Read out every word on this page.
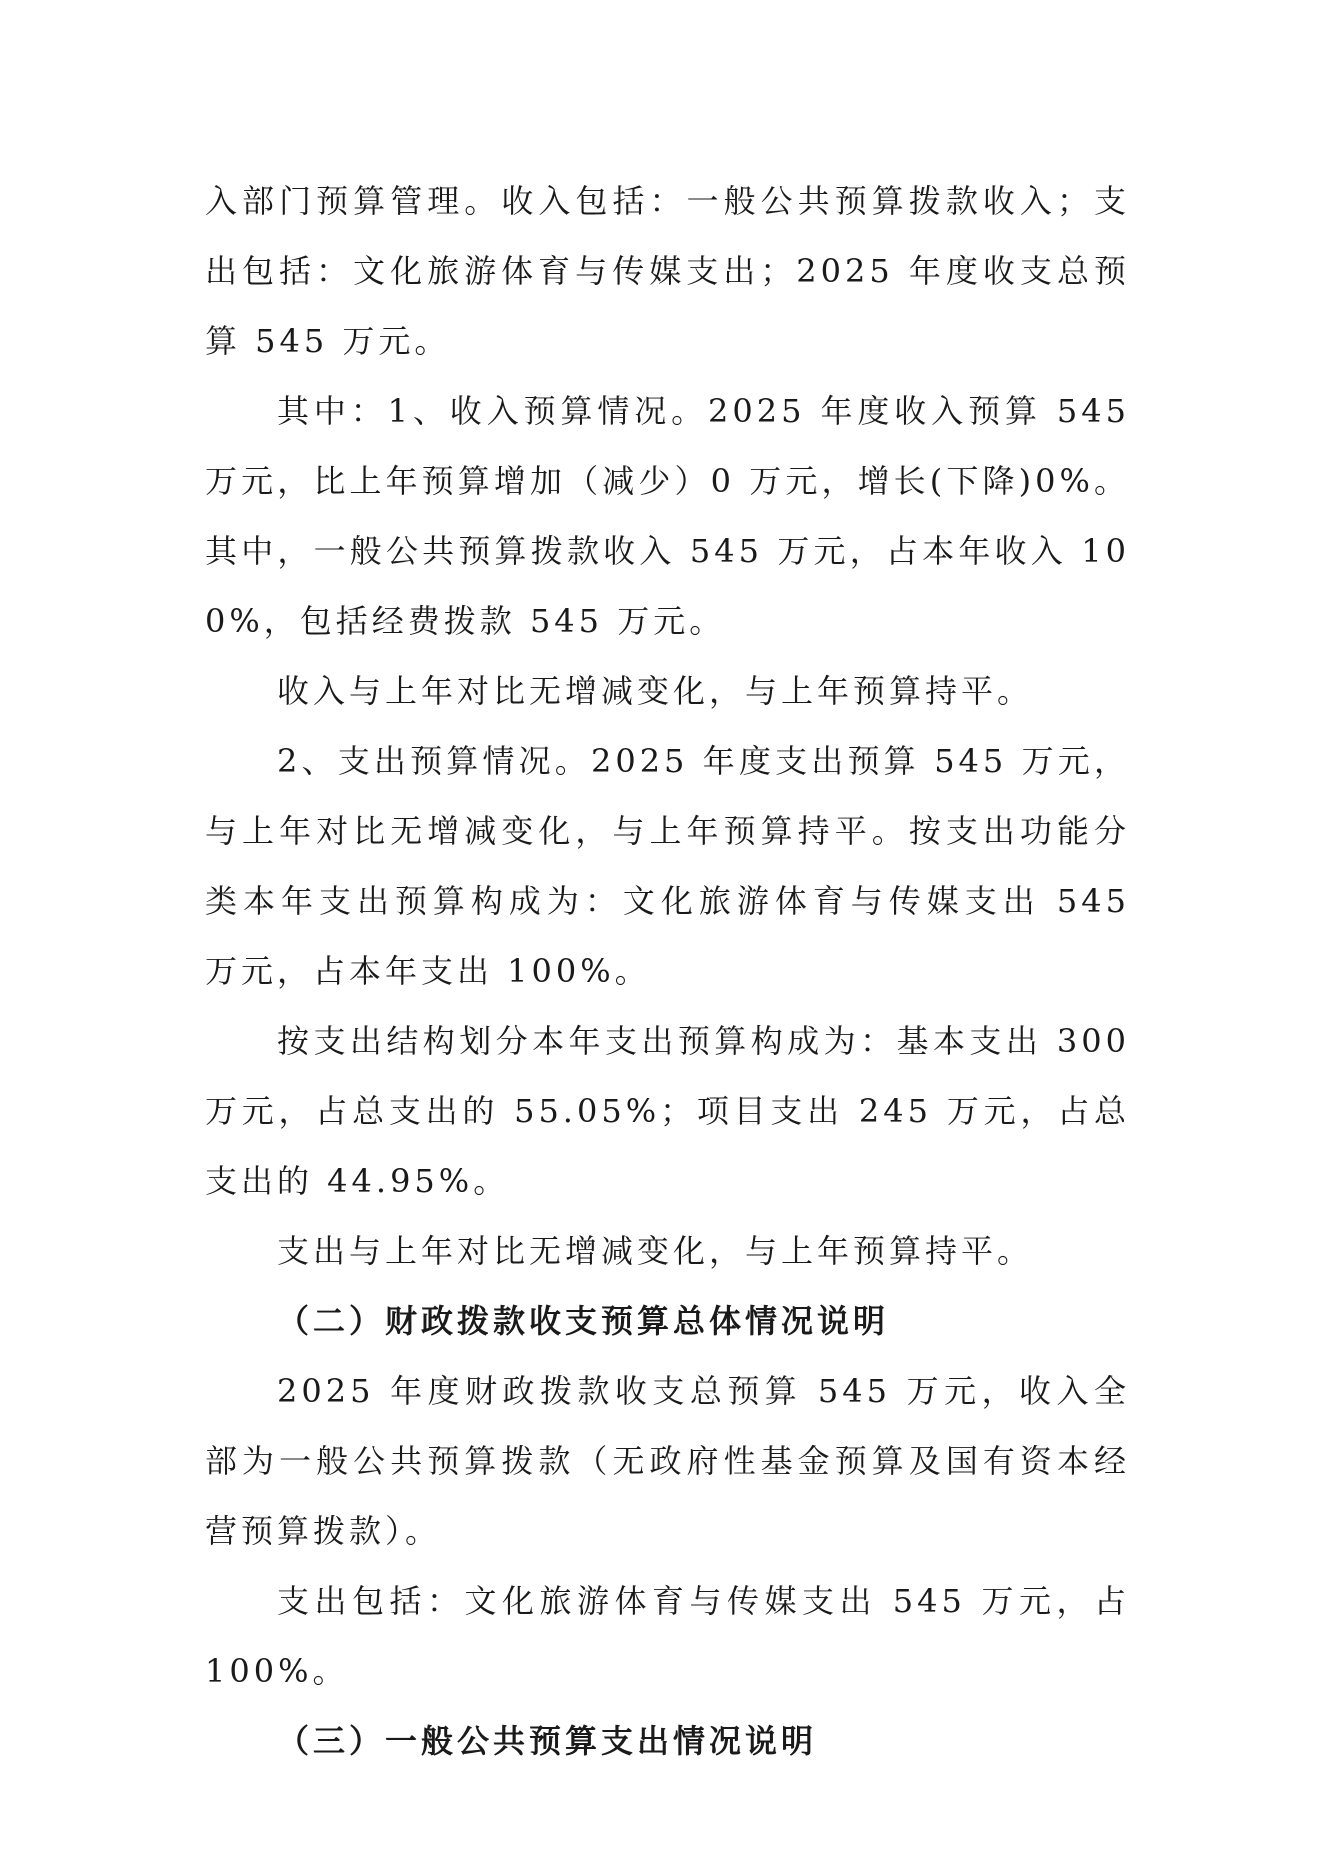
入部门预算管理。收入包括：一般公共预算拨款收入；支出包括：文化旅游体育与传媒支出；2025 年度收支总预算 545 万元。

其中：1、收入预算情况。2025 年度收入预算 545 万元，比上年预算增加（减少）0 万元，增长(下降)0%。其中，一般公共预算拨款收入 545 万元，占本年收入 100%，包括经费拨款 545 万元。

收入与上年对比无增减变化，与上年预算持平。

2、支出预算情况。2025 年度支出预算 545 万元，与上年对比无增减变化，与上年预算持平。按支出功能分类本年支出预算构成为：文化旅游体育与传媒支出 545 万元，占本年支出 100%。

按支出结构划分本年支出预算构成为：基本支出 300 万元，占总支出的 55.05%；项目支出 245 万元，占总支出的 44.95%。

支出与上年对比无增减变化，与上年预算持平。

（二）财政拨款收支预算总体情况说明

2025 年度财政拨款收支总预算 545 万元，收入全部为一般公共预算拨款（无政府性基金预算及国有资本经营预算拨款）。

支出包括：文化旅游体育与传媒支出 545 万元，占 100%。

（三）一般公共预算支出情况说明
